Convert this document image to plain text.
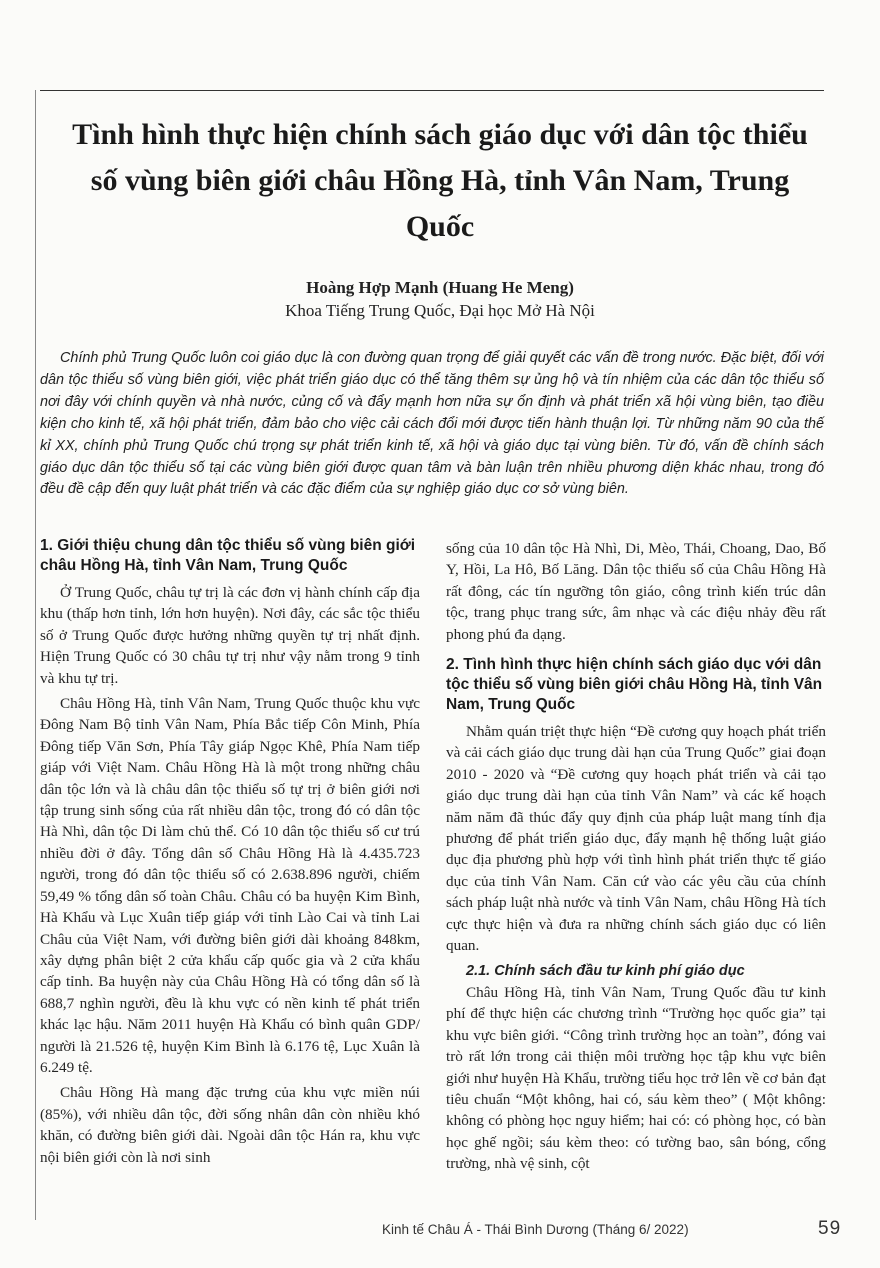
Tình hình thực hiện chính sách giáo dục với dân tộc thiểu số vùng biên giới châu Hồng Hà, tỉnh Vân Nam, Trung Quốc
Hoàng Hợp Mạnh (Huang He Meng)
Khoa Tiếng Trung Quốc, Đại học Mở Hà Nội

Chính phủ Trung Quốc luôn coi giáo dục là con đường quan trọng để giải quyết các vấn đề trong nước. Đặc biệt, đối với dân tộc thiểu số vùng biên giới, việc phát triển giáo dục có thể tăng thêm sự ủng hộ và tín nhiệm của các dân tộc thiểu số nơi đây với chính quyền và nhà nước, củng cố và đẩy mạnh hơn nữa sự ổn định và phát triển xã hội vùng biên, tạo điều kiện cho kinh tế, xã hội phát triển, đảm bảo cho việc cải cách đổi mới được tiến hành thuận lợi. Từ những năm 90 của thế kỉ XX, chính phủ Trung Quốc chú trọng sự phát triển kinh tế, xã hội và giáo dục tại vùng biên. Từ đó, vấn đề chính sách giáo dục dân tộc thiểu số tại các vùng biên giới được quan tâm và bàn luận trên nhiều phương diện khác nhau, trong đó đều đề cập đến quy luật phát triển và các đặc điểm của sự nghiệp giáo dục cơ sở vùng biên.

1. Giới thiệu chung dân tộc thiểu số vùng biên giới châu Hồng Hà, tỉnh Vân Nam, Trung Quốc

Ở Trung Quốc, châu tự trị là các đơn vị hành chính cấp địa khu (thấp hơn tỉnh, lớn hơn huyện). Nơi đây, các sắc tộc thiểu số ở Trung Quốc được hưởng những quyền tự trị nhất định. Hiện Trung Quốc có 30 châu tự trị như vậy nằm trong 9 tỉnh và khu tự trị.

Châu Hồng Hà, tỉnh Vân Nam, Trung Quốc thuộc khu vực Đông Nam Bộ tỉnh Vân Nam, Phía Bắc tiếp Côn Minh, Phía Đông tiếp Văn Sơn, Phía Tây giáp Ngọc Khê, Phía Nam tiếp giáp với Việt Nam. Châu Hồng Hà là một trong những châu dân tộc lớn và là châu dân tộc thiểu số tự trị ở biên giới nơi tập trung sinh sống của rất nhiều dân tộc, trong đó có dân tộc Hà Nhì, dân tộc Di làm chủ thể. Có 10 dân tộc thiểu số cư trú nhiều đời ở đây. Tổng dân số Châu Hồng Hà là 4.435.723 người, trong đó dân tộc thiểu số có 2.638.896 người, chiếm 59,49 % tổng dân số toàn Châu. Châu có ba huyện Kim Bình, Hà Khẩu và Lục Xuân tiếp giáp với tỉnh Lào Cai và tỉnh Lai Châu của Việt Nam, với đường biên giới dài khoảng 848km, xây dựng phân biệt 2 cửa khẩu cấp quốc gia và 2 cửa khẩu cấp tỉnh. Ba huyện này của Châu Hồng Hà có tổng dân số là 688,7 nghìn người, đều là khu vực có nền kinh tế phát triển khác lạc hậu. Năm 2011 huyện Hà Khẩu có bình quân GDP/ người là 21.526 tệ, huyện Kim Bình là 6.176 tệ, Lục Xuân là 6.249 tệ.

Châu Hồng Hà mang đặc trưng của khu vực miền núi (85%), với nhiều dân tộc, đời sống nhân dân còn nhiều khó khăn, có đường biên giới dài. Ngoài dân tộc Hán ra, khu vực nội biên giới còn là nơi sinh

sống của 10 dân tộc Hà Nhì, Di, Mèo, Thái, Choang, Dao, Bố Y, Hồi, La Hô, Bố Lăng. Dân tộc thiểu số của Châu Hồng Hà rất đông, các tín ngưỡng tôn giáo, công trình kiến trúc dân tộc, trang phục trang sức, âm nhạc và các điệu nhảy đều rất phong phú đa dạng.

2. Tình hình thực hiện chính sách giáo dục với dân tộc thiểu số vùng biên giới châu Hồng Hà, tỉnh Vân Nam, Trung Quốc

Nhằm quán triệt thực hiện “Đề cương quy hoạch phát triển và cải cách giáo dục trung dài hạn của Trung Quốc” giai đoạn 2010 - 2020 và “Đề cương quy hoạch phát triển và cải tạo giáo dục trung dài hạn của tỉnh Vân Nam” và các kế hoạch năm năm đã thúc đẩy quy định của pháp luật mang tính địa phương để phát triển giáo dục, đẩy mạnh hệ thống luật giáo dục địa phương phù hợp với tình hình phát triển thực tế giáo dục của tỉnh Vân Nam. Căn cứ vào các yêu cầu của chính sách pháp luật nhà nước và tỉnh Vân Nam, châu Hồng Hà tích cực thực hiện và đưa ra những chính sách giáo dục có liên quan.

2.1. Chính sách đầu tư kinh phí giáo dục

Châu Hồng Hà, tỉnh Vân Nam, Trung Quốc đầu tư kinh phí để thực hiện các chương trình “Trường học quốc gia” tại khu vực biên giới. “Công trình trường học an toàn”, đóng vai trò rất lớn trong cải thiện môi trường học tập khu vực biên giới như huyện Hà Khẩu, trường tiểu học trở lên về cơ bản đạt tiêu chuẩn “Một không, hai có, sáu kèm theo” ( Một không: không có phòng học nguy hiểm; hai có: có phòng học, có bàn học ghế ngồi; sáu kèm theo: có tường bao, sân bóng, cổng trường, nhà vệ sinh, cột

Kinh tế Châu Á - Thái Bình Dương (Tháng 6/ 2022)	59
